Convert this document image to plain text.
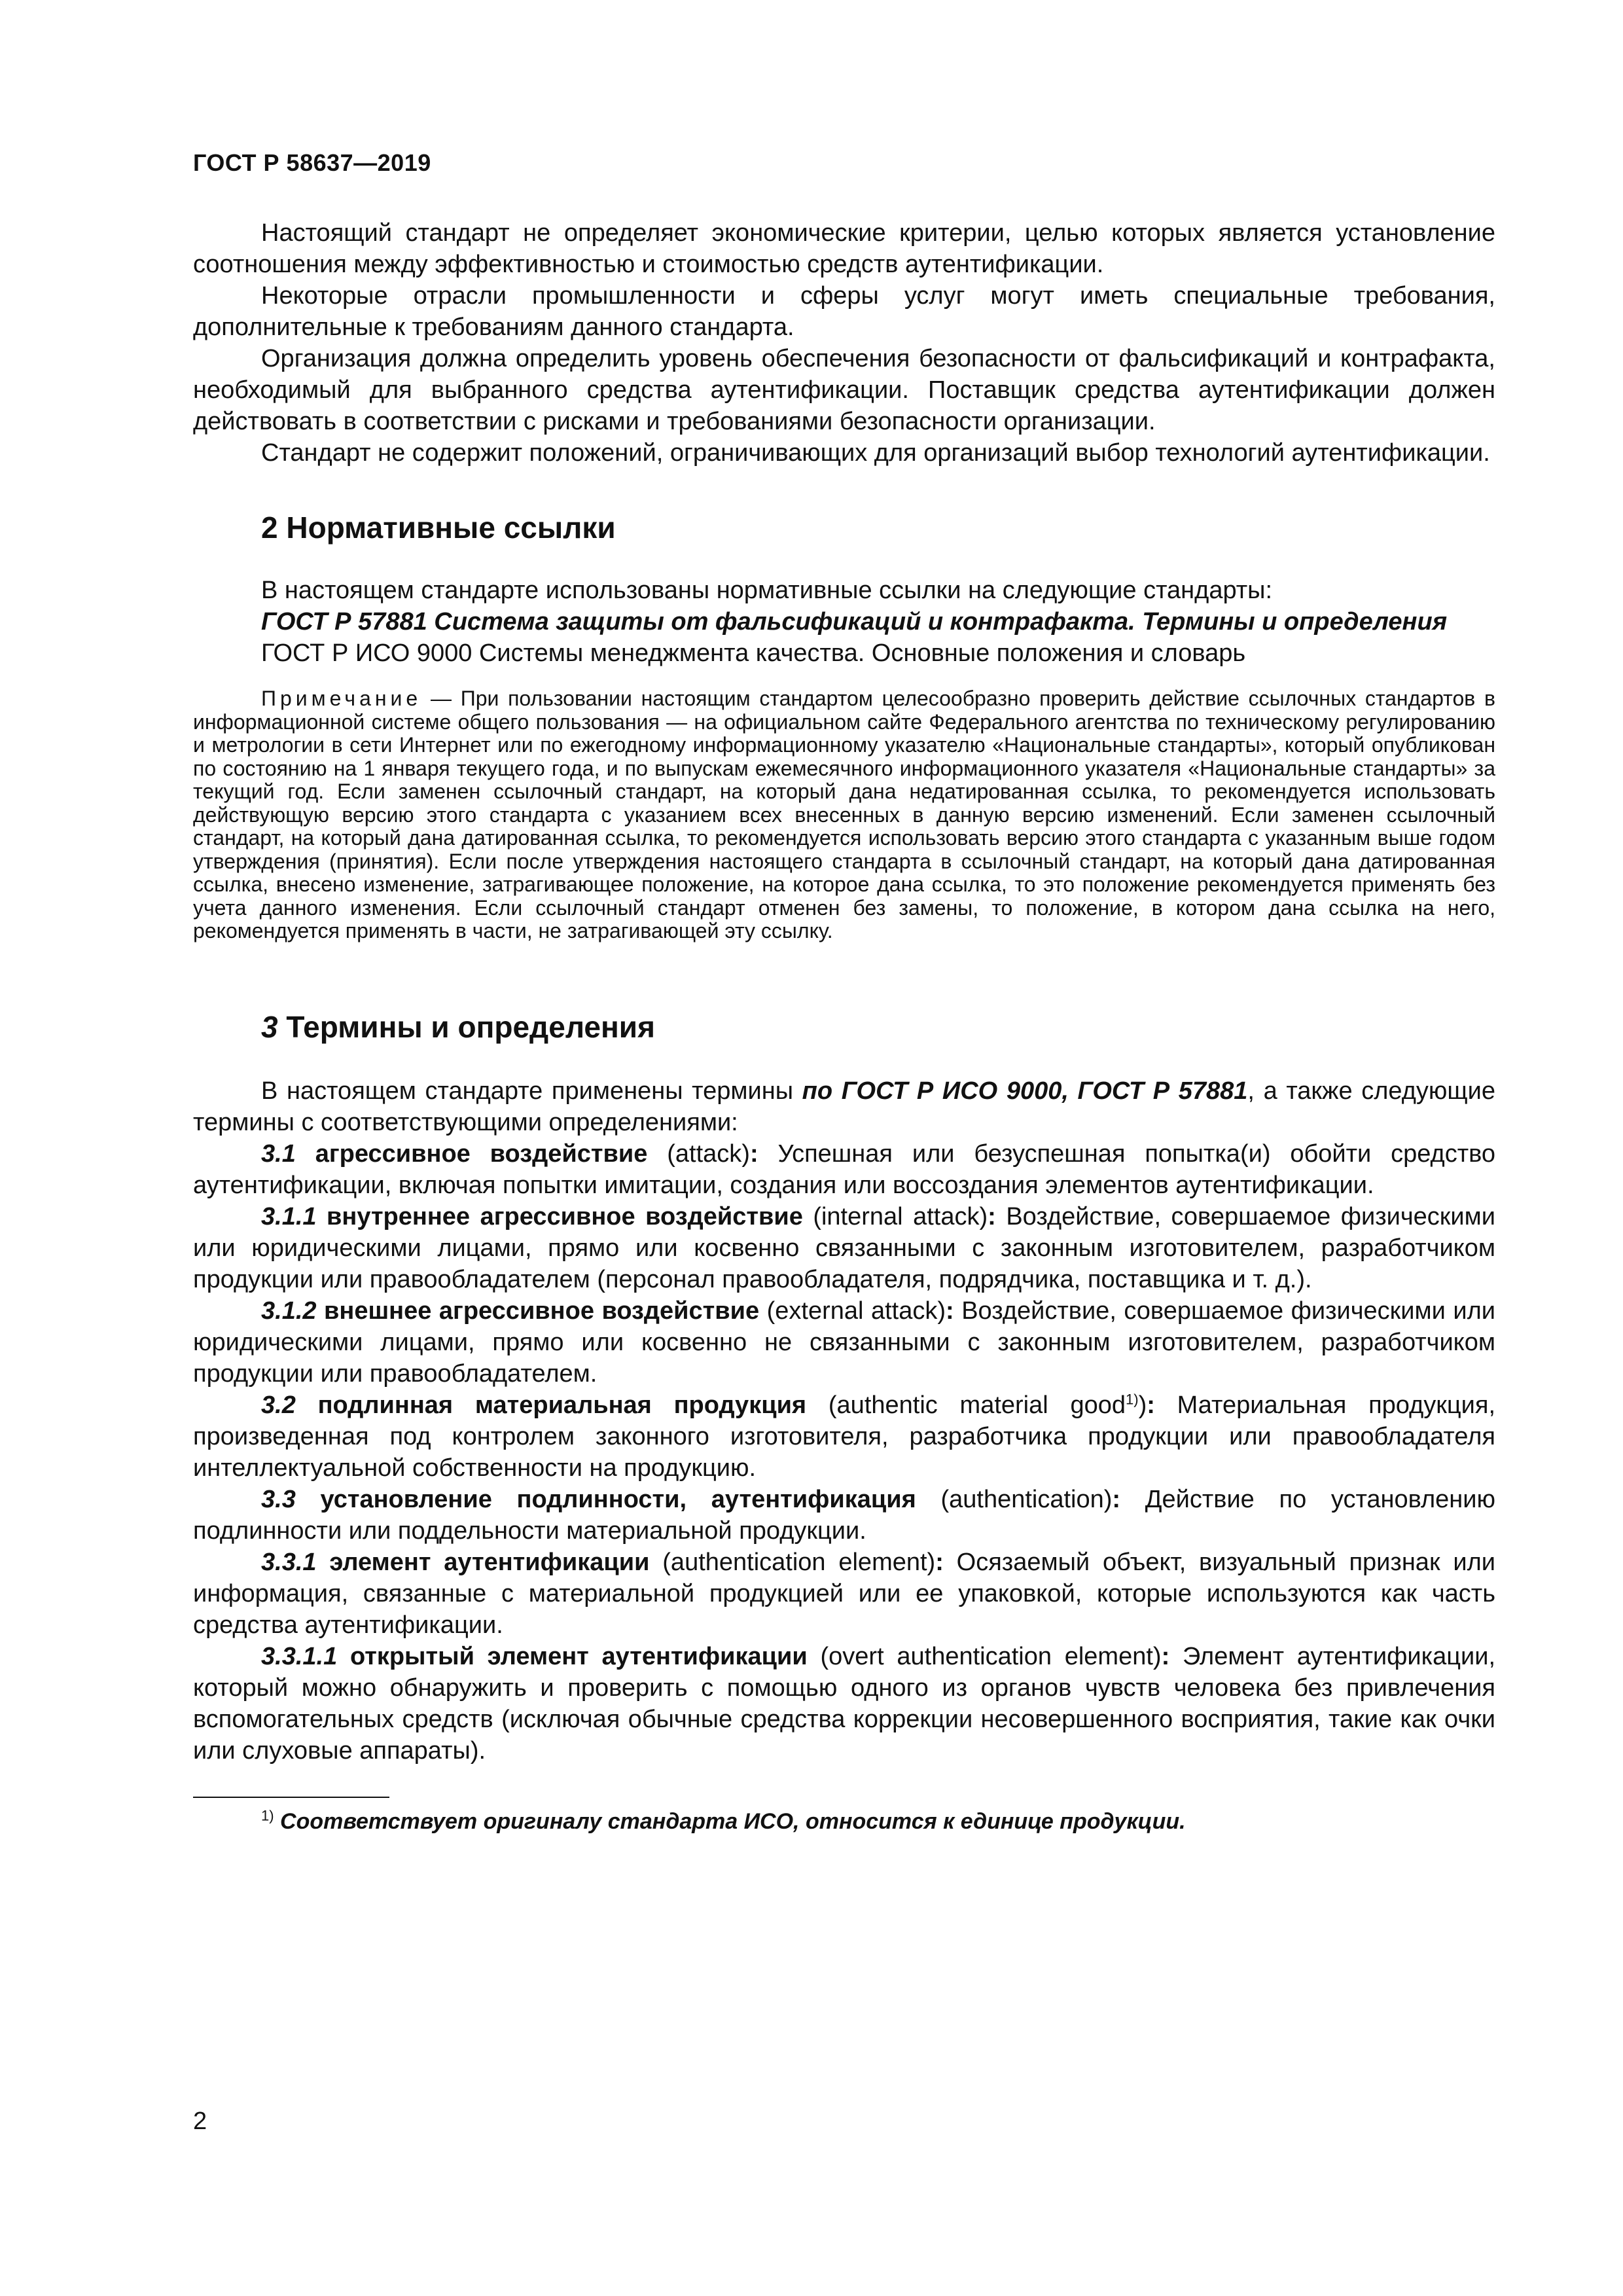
ГОСТ Р 58637—2019

Настоящий стандарт не определяет экономические критерии, целью которых является установление соотношения между эффективностью и стоимостью средств аутентификации.

Некоторые отрасли промышленности и сферы услуг могут иметь специальные требования, дополнительные к требованиям данного стандарта.

Организация должна определить уровень обеспечения безопасности от фальсификаций и контрафакта, необходимый для выбранного средства аутентификации. Поставщик средства аутентификации должен действовать в соответствии с рисками и требованиями безопасности организации.

Стандарт не содержит положений, ограничивающих для организаций выбор технологий аутентификации.

2 Нормативные ссылки

В настоящем стандарте использованы нормативные ссылки на следующие стандарты:

ГОСТ Р 57881 Система защиты от фальсификаций и контрафакта. Термины и определения

ГОСТ Р ИСО 9000 Системы менеджмента качества. Основные положения и словарь

Примечание — При пользовании настоящим стандартом целесообразно проверить действие ссылочных стандартов в информационной системе общего пользования — на официальном сайте Федерального агентства по техническому регулированию и метрологии в сети Интернет или по ежегодному информационному указателю «Национальные стандарты», который опубликован по состоянию на 1 января текущего года, и по выпускам ежемесячного информационного указателя «Национальные стандарты» за текущий год. Если заменен ссылочный стандарт, на который дана недатированная ссылка, то рекомендуется использовать действующую версию этого стандарта с указанием всех внесенных в данную версию изменений. Если заменен ссылочный стандарт, на который дана датированная ссылка, то рекомендуется использовать версию этого стандарта с указанным выше годом утверждения (принятия). Если после утверждения настоящего стандарта в ссылочный стандарт, на который дана датированная ссылка, внесено изменение, затрагивающее положение, на которое дана ссылка, то это положение рекомендуется применять без учета данного изменения. Если ссылочный стандарт отменен без замены, то положение, в котором дана ссылка на него, рекомендуется применять в части, не затрагивающей эту ссылку.

3 Термины и определения

В настоящем стандарте применены термины по ГОСТ Р ИСО 9000, ГОСТ Р 57881, а также следующие термины с соответствующими определениями:

3.1 агрессивное воздействие (attack): Успешная или безуспешная попытка(и) обойти средство аутентификации, включая попытки имитации, создания или воссоздания элементов аутентификации.

3.1.1 внутреннее агрессивное воздействие (internal attack): Воздействие, совершаемое физическими или юридическими лицами, прямо или косвенно связанными с законным изготовителем, разработчиком продукции или правообладателем (персонал правообладателя, подрядчика, поставщика и т. д.).

3.1.2 внешнее агрессивное воздействие (external attack): Воздействие, совершаемое физическими или юридическими лицами, прямо или косвенно не связанными с законным изготовителем, разработчиком продукции или правообладателем.

3.2 подлинная материальная продукция (authentic material good$^{1)}$): Материальная продукция, произведенная под контролем законного изготовителя, разработчика продукции или правообладателя интеллектуальной собственности на продукцию.

3.3 установление подлинности, аутентификация (authentication): Действие по установлению подлинности или поддельности материальной продукции.

3.3.1 элемент аутентификации (authentication element): Осязаемый объект, визуальный признак или информация, связанные с материальной продукцией или ее упаковкой, которые используются как часть средства аутентификации.

3.3.1.1 открытый элемент аутентификации (overt authentication element): Элемент аутентификации, который можно обнаружить и проверить с помощью одного из органов чувств человека без привлечения вспомогательных средств (исключая обычные средства коррекции несовершенного восприятия, такие как очки или слуховые аппараты).

$^{1)}$ Соответствует оригиналу стандарта ИСО, относится к единице продукции.
2
